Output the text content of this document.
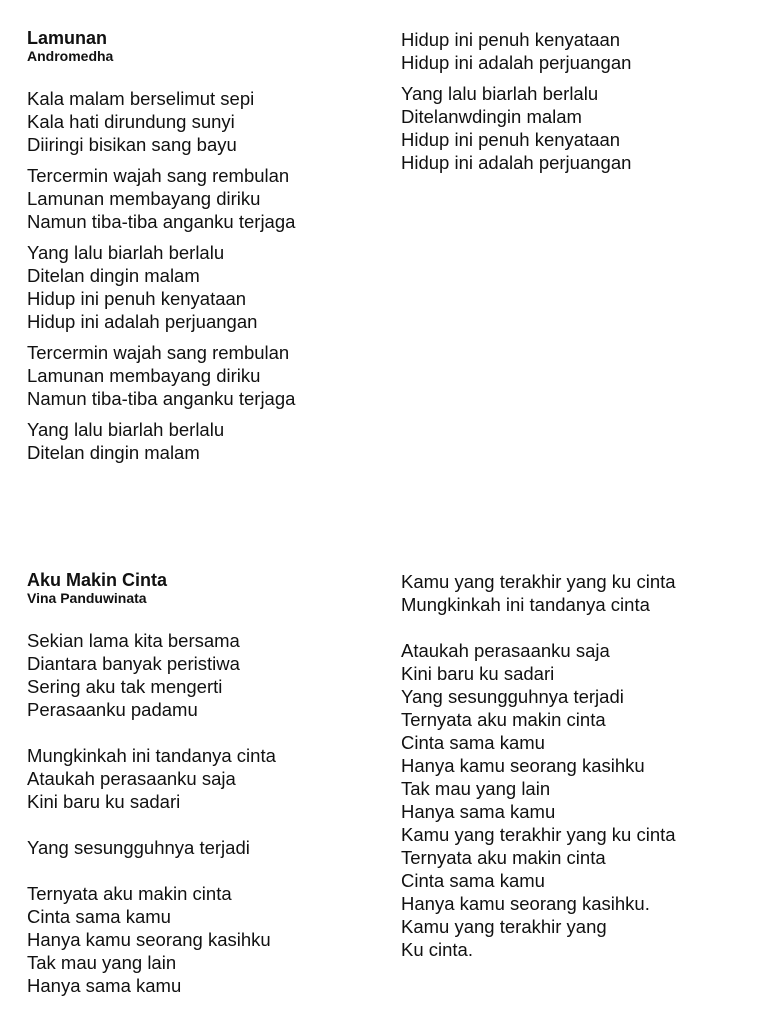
Lamunan

Andromedha

Kala malam berselimut sepi
Kala hati dirundung sunyi
Diiringi bisikan sang bayu
Tercermin wajah sang rembulan
Lamunan membayang diriku
Namun tiba-tiba anganku terjaga
Yang lalu biarlah berlalu
Ditelan dingin malam
Hidup ini penuh kenyataan
Hidup ini adalah perjuangan
Tercermin wajah sang rembulan
Lamunan membayang diriku
Namun tiba-tiba anganku terjaga
Yang lalu biarlah berlalu
Ditelan dingin malam
Hidup ini penuh kenyataan
Hidup ini adalah perjuangan
Yang lalu biarlah berlalu
Ditelanwdingin malam
Hidup ini penuh kenyataan
Hidup ini adalah perjuangan

Aku Makin Cinta

Vina Panduwinata

Sekian lama kita bersama
Diantara banyak peristiwa
Sering aku tak mengerti
Perasaanku padamu
Mungkinkah ini tandanya cinta
Ataukah perasaanku saja
Kini baru ku sadari
Yang sesungguhnya terjadi
Ternyata aku makin cinta
Cinta sama kamu
Hanya kamu seorang kasihku
Tak mau yang lain
Hanya sama kamu
Kamu yang terakhir yang ku cinta
Mungkinkah ini tandanya cinta
Ataukah perasaanku saja
Kini baru ku sadari
Yang sesungguhnya terjadi
Ternyata aku makin cinta
Cinta sama kamu
Hanya kamu seorang kasihku
Tak mau yang lain
Hanya sama kamu
Kamu yang terakhir yang ku cinta
Ternyata aku makin cinta
Cinta sama kamu
Hanya kamu seorang kasihku.
Kamu yang terakhir yang
Ku cinta.
